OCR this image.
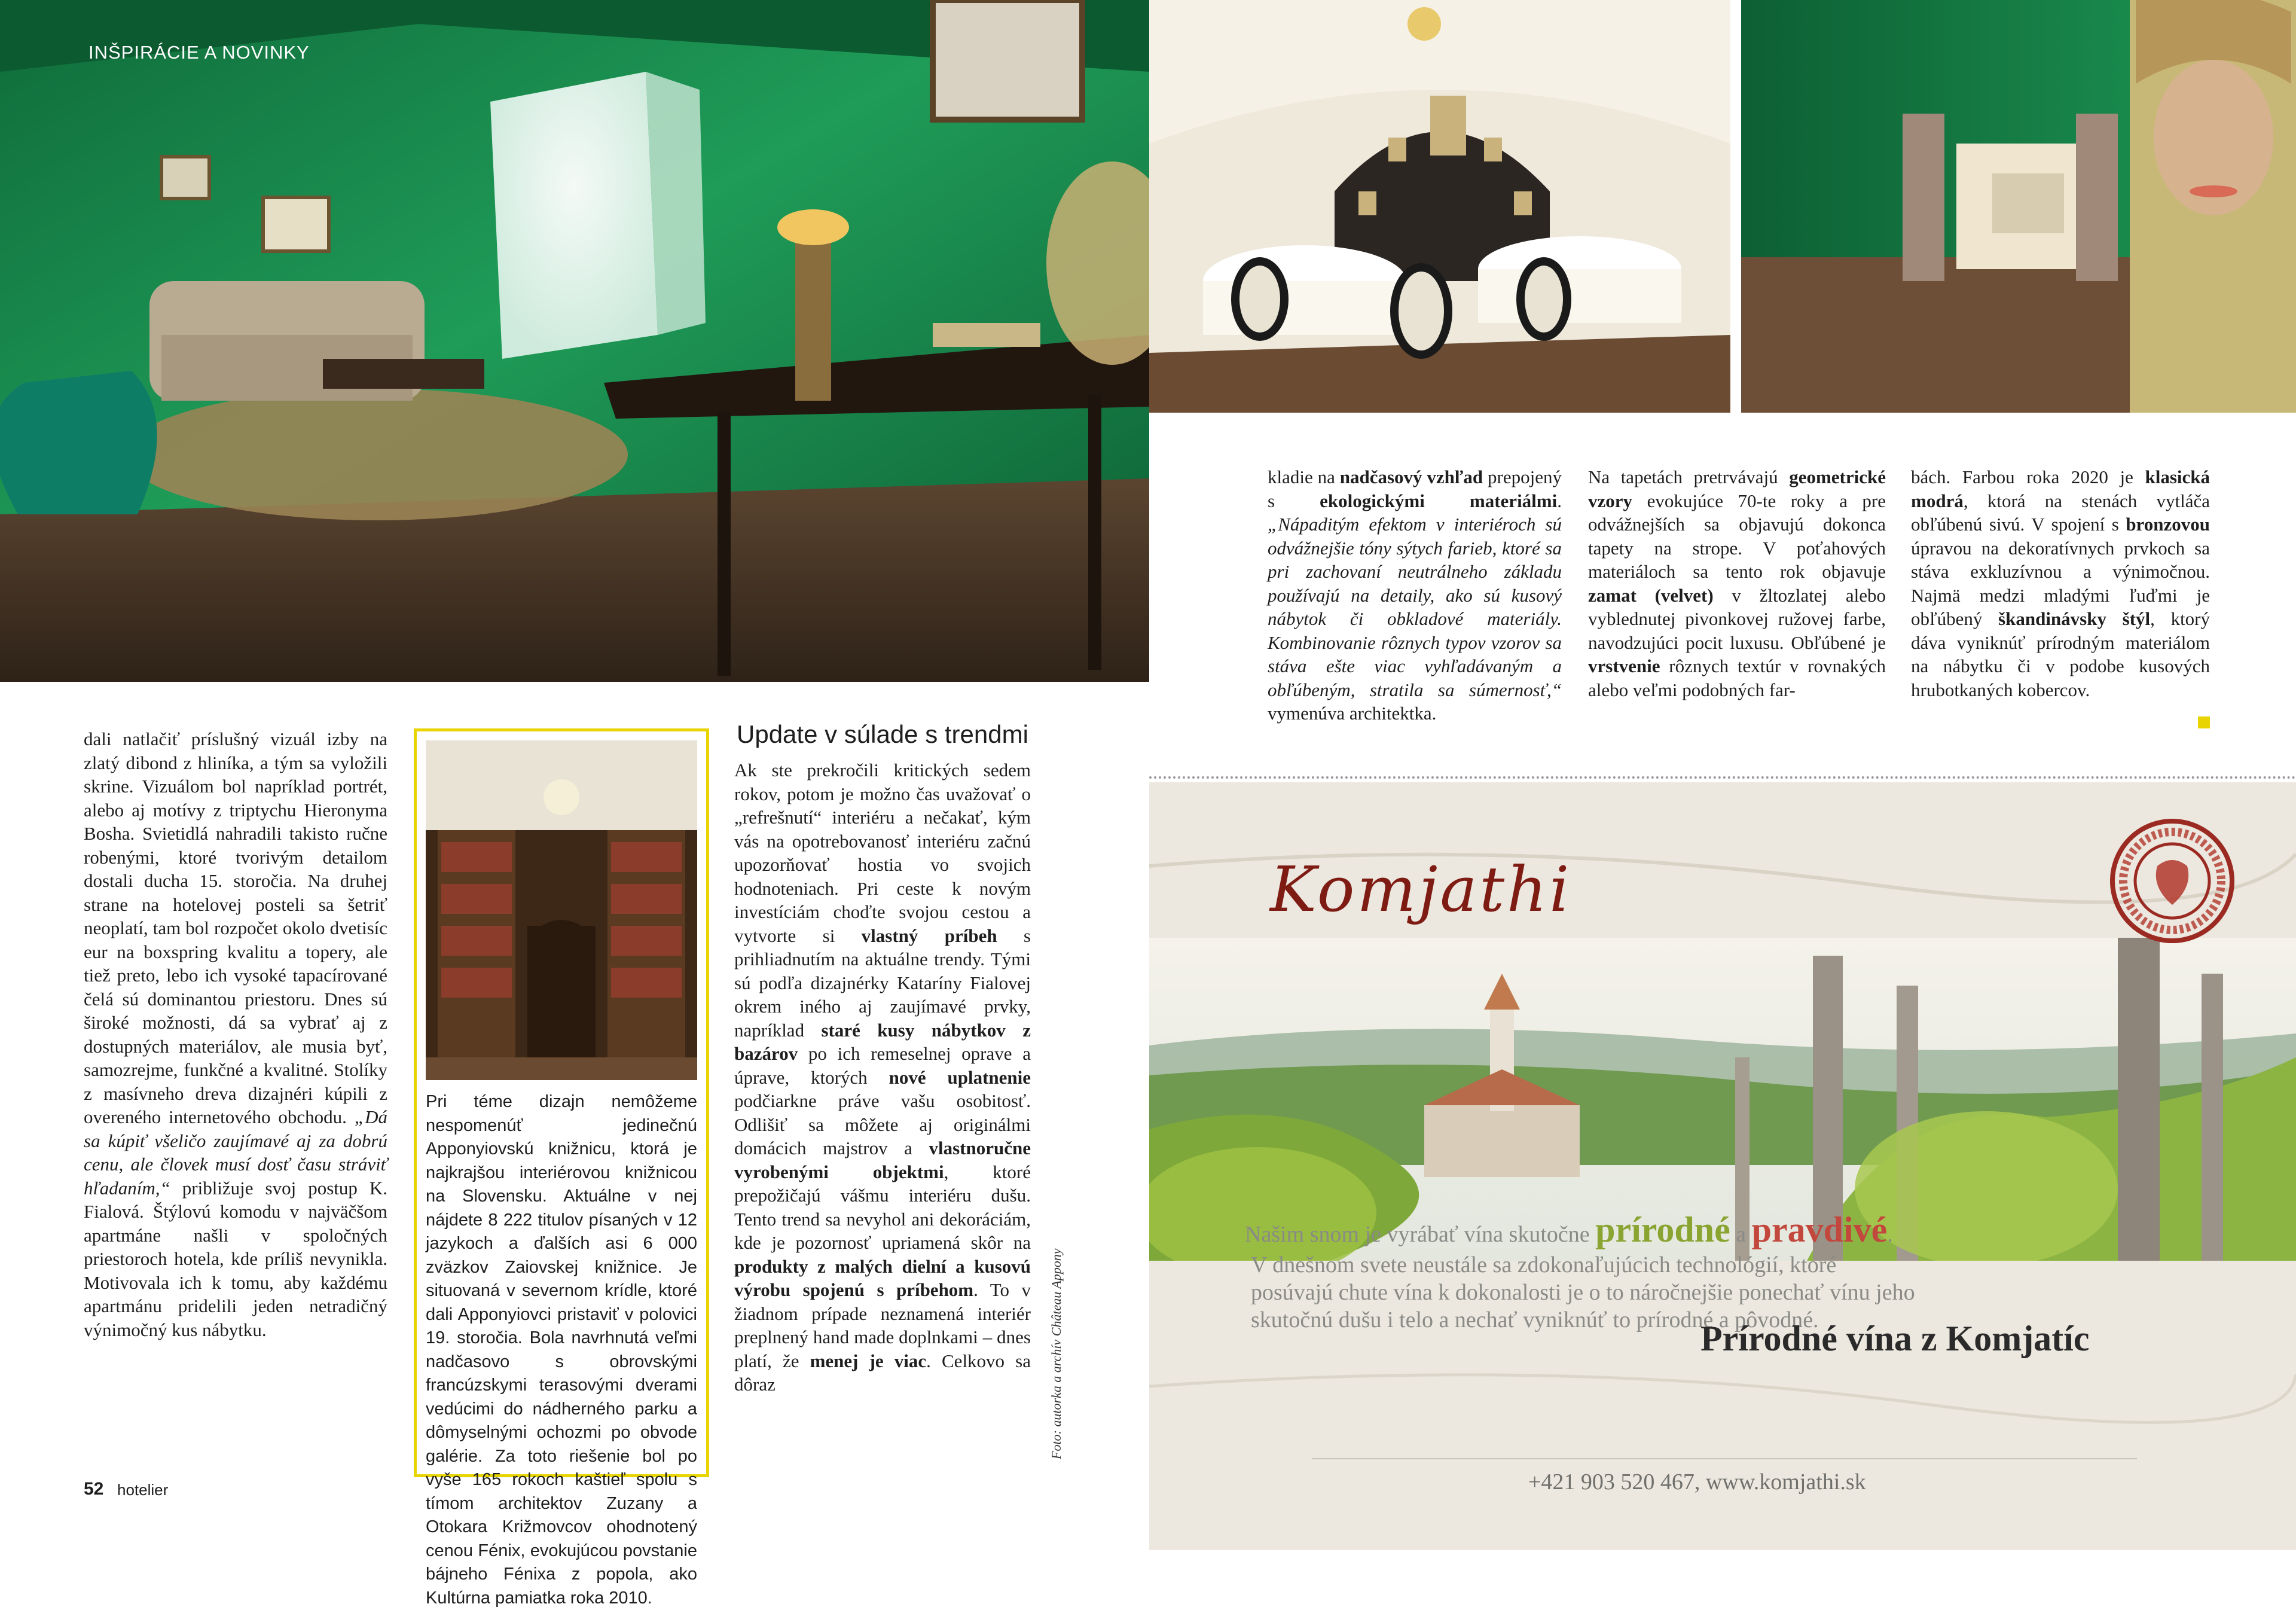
INŠPIRÁCIE A NOVINKY

dali natlačiť príslušný vizuál izby na zlatý dibond z hliníka, a tým sa vyložili skrine. Vizuálom bol napríklad portrét, alebo aj motívy z triptychu Hieronyma Bosha. Svietidlá nahradili takisto ručne robenými, ktoré tvorivým detailom dostali ducha 15. storočia. Na druhej strane na hotelovej posteli sa šetriť neoplatí, tam bol rozpočet okolo dvetisíc eur na boxspring kvalitu a topery, ale tiež preto, lebo ich vysoké tapacírované čelá sú dominantou priestoru. Dnes sú široké možnosti, dá sa vybrať aj z dostupných materiálov, ale musia byť, samozrejme, funkčné a kvalitné. Stolíky z masívneho dreva dizajnéri kúpili z overeného internetového obchodu. „Dá sa kúpiť všeličo zaujímavé aj za dobrú cenu, ale človek musí dosť času stráviť hľadaním,“ približuje svoj postup K. Fialová. Štýlovú komodu v najväčšom apartmáne našli v spoločných priestoroch hotela, kde príliš nevynikla. Motivovala ich k tomu, aby každému apartmánu pridelili jeden netradičný výnimočný kus nábytku.

Pri téme dizajn nemôžeme nespomenúť jedinečnú Apponyiovskú knižnicu, ktorá je najkrajšou interiérovou knižnicou na Slovensku. Aktuálne v nej nájdete 8 222 titulov písaných v 12 jazykoch a ďalších asi 6 000 zväzkov Zaiovskej knižnice. Je situovaná v severnom krídle, ktoré dali Apponyiovci pristaviť v polovici 19. storočia. Bola navrhnutá veľmi nadčasovo s obrovskými francúzskymi terasovými dverami vedúcimi do nádherného parku a dômyselnými ochozmi po obvode galérie. Za toto riešenie bol po vyše 165 rokoch kaštieľ spolu s tímom architektov Zuzany a Otokara Križmovcov ohodnotený cenou Fénix, evokujúcou povstanie bájneho Fénixa z popola, ako Kultúrna pamiatka roka 2010.
Update v súlade s trendmi

Ak ste prekročili kritických sedem rokov, potom je možno čas uvažovať o „refrešnutí“ interiéru a nečakať, kým vás na opotrebovanosť interiéru začnú upozorňovať hostia vo svojich hodnoteniach. Pri ceste k novým investíciám choďte svojou cestou a vytvorte si vlastný príbeh s prihliadnutím na aktuálne trendy. Tými sú podľa dizajnérky Kataríny Fialovej okrem iného aj zaujímavé prvky, napríklad staré kusy nábytkov z bazárov po ich remeselnej oprave a úprave, ktorých nové uplatnenie podčiarkne práve vašu osobitosť. Odlišiť sa môžete aj originálmi domácich majstrov a vlastnoručne vyrobenými objektmi, ktoré prepožičajú vášmu interiéru dušu. Tento trend sa nevyhol ani dekoráciám, kde je pozornosť upriamená skôr na produkty z malých dielní a kusovú výrobu spojenú s príbehom. To v žiadnom prípade neznamená interiér preplnený hand made doplnkami – dnes platí, že menej je viac. Celkovo sa dôraz	Foto: autorka a archív Château Appony
52 hotelier

kladie na nadčasový vzhľad prepojený s ekologickými materiálmi. „Nápaditým efektom v interiéroch sú odvážnejšie tóny sýtych farieb, ktoré sa pri zachovaní neutrálneho základu používajú na detaily, ako sú kusový nábytok či obkladové materiály. Kombinovanie rôznych typov vzorov sa stáva ešte viac vyhľadávaným a obľúbeným, stratila sa súmernosť,“ vymenúva architektka.

Na tapetách pretrvávajú geometrické vzory evokujúce 70-te roky a pre odvážnejších sa objavujú dokonca tapety na strope. V poťahových materiáloch sa tento rok objavuje zamat (velvet) v žltozlatej alebo vyblednutej pivonkovej ružovej farbe, navodzujúci pocit luxusu. Obľúbené je vrstvenie rôznych textúr v rovnakých alebo veľmi podobných far-

bách. Farbou roka 2020 je klasická modrá, ktorá na stenách vytláča obľúbenú sivú. V spojení s bronzovou úpravou na dekoratívnych prvkoch sa stáva exkluzívnou a výnimočnou. Najmä medzi mladými ľuďmi je obľúbený škandinávsky štýl, ktorý dáva vyniknúť prírodným materiálom na nábytku či v podobe kusových hrubotkaných kobercov.

Komjathi
Našim snom je vyrábať vína skutočne prírodné a pravdivé.
V dnešnom svete neustále sa zdokonaľujúcich technológií, ktoré posúvajú chute vína k dokonalosti je o to náročnejšie ponechať vínu jeho skutočnú dušu i telo a nechať vyniknúť to prírodné a pôvodné.
Prírodné vína z Komjatíc
+421 903 520 467, www.komjathi.sk
